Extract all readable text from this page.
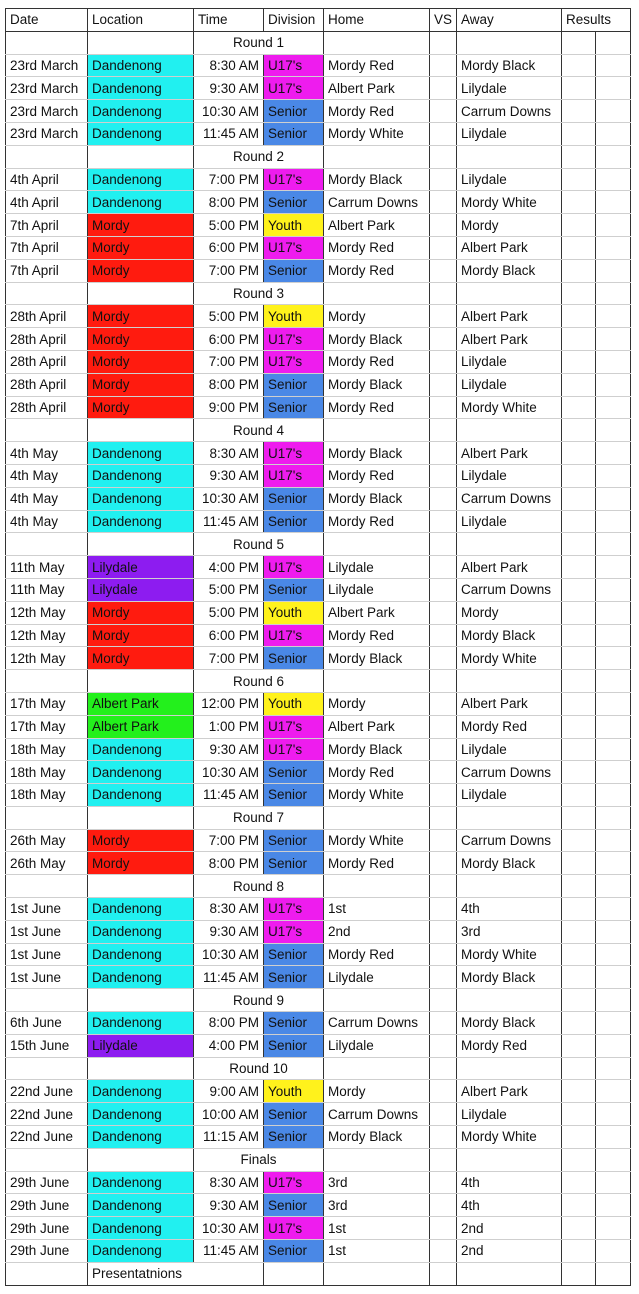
Date	Location	Time	Division	Home	VS	Away	Results	
		Round 1						
23rd March	Dandenong	8:30 AM	U17's	Mordy Red		Mordy Black		
23rd March	Dandenong	9:30 AM	U17's	Albert Park		Lilydale		
23rd March	Dandenong	10:30 AM	Senior	Mordy Red		Carrum Downs		
23rd March	Dandenong	11:45 AM	Senior	Mordy White		Lilydale		
		Round 2						
4th April	Dandenong	7:00 PM	U17's	Mordy Black		Lilydale		
4th April	Dandenong	8:00 PM	Senior	Carrum Downs		Mordy White		
7th April	Mordy	5:00 PM	Youth	Albert Park		Mordy		
7th April	Mordy	6:00 PM	U17's	Mordy Red		Albert Park		
7th April	Mordy	7:00 PM	Senior	Mordy Red		Mordy Black		
		Round 3						
28th April	Mordy	5:00 PM	Youth	Mordy		Albert Park		
28th April	Mordy	6:00 PM	U17's	Mordy Black		Albert Park		
28th April	Mordy	7:00 PM	U17's	Mordy Red		Lilydale		
28th April	Mordy	8:00 PM	Senior	Mordy Black		Lilydale		
28th April	Mordy	9:00 PM	Senior	Mordy Red		Mordy White		
		Round 4						
4th May	Dandenong	8:30 AM	U17's	Mordy Black		Albert Park		
4th May	Dandenong	9:30 AM	U17's	Mordy Red		Lilydale		
4th May	Dandenong	10:30 AM	Senior	Mordy Black		Carrum Downs		
4th May	Dandenong	11:45 AM	Senior	Mordy Red		Lilydale		
		Round 5						
11th May	Lilydale	4:00 PM	U17's	Lilydale		Albert Park		
11th May	Lilydale	5:00 PM	Senior	Lilydale		Carrum Downs		
12th May	Mordy	5:00 PM	Youth	Albert Park		Mordy		
12th May	Mordy	6:00 PM	U17's	Mordy Red		Mordy Black		
12th May	Mordy	7:00 PM	Senior	Mordy Black		Mordy White		
		Round 6						
17th May	Albert Park	12:00 PM	Youth	Mordy		Albert Park		
17th May	Albert Park	1:00 PM	U17's	Albert Park		Mordy Red		
18th May	Dandenong	9:30 AM	U17's	Mordy Black		Lilydale		
18th May	Dandenong	10:30 AM	Senior	Mordy Red		Carrum Downs		
18th May	Dandenong	11:45 AM	Senior	Mordy White		Lilydale		
		Round 7						
26th May	Mordy	7:00 PM	Senior	Mordy White		Carrum Downs		
26th May	Mordy	8:00 PM	Senior	Mordy Red		Mordy Black		
		Round 8						
1st June	Dandenong	8:30 AM	U17's	1st		4th		
1st June	Dandenong	9:30 AM	U17's	2nd		3rd		
1st June	Dandenong	10:30 AM	Senior	Mordy Red		Mordy White		
1st June	Dandenong	11:45 AM	Senior	Lilydale		Mordy Black		
		Round 9						
6th June	Dandenong	8:00 PM	Senior	Carrum Downs		Mordy Black		
15th June	Lilydale	4:00 PM	Senior	Lilydale		Mordy Red		
		Round 10						
22nd June	Dandenong	9:00 AM	Youth	Mordy		Albert Park		
22nd June	Dandenong	10:00 AM	Senior	Carrum Downs		Lilydale		
22nd June	Dandenong	11:15 AM	Senior	Mordy Black		Mordy White		
		Finals						
29th June	Dandenong	8:30 AM	U17's	3rd		4th		
29th June	Dandenong	9:30 AM	Senior	3rd		4th		
29th June	Dandenong	10:30 AM	U17's	1st		2nd		
29th June	Dandenong	11:45 AM	Senior	1st		2nd		
	Presentatnions							
